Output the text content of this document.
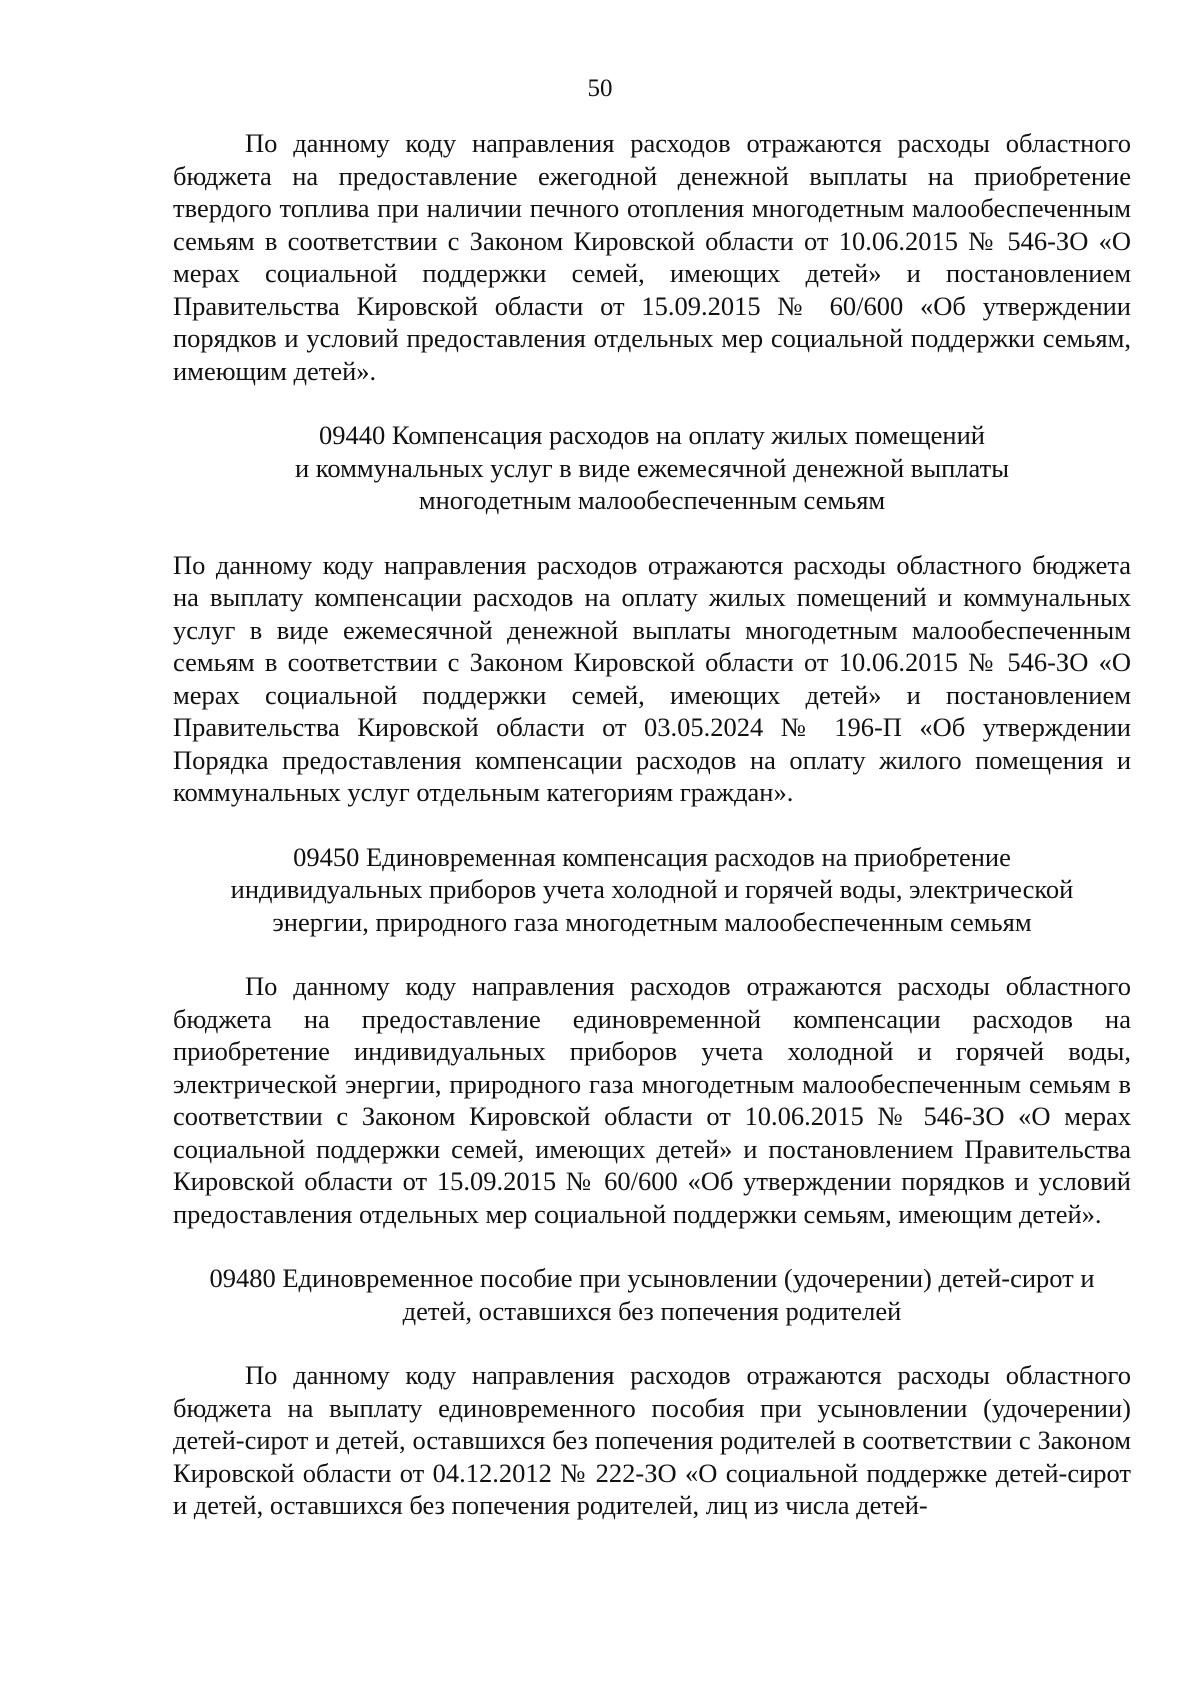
50

По данному коду направления расходов отражаются расходы областного бюджета на предоставление ежегодной денежной выплаты на приобретение твердого топлива при наличии печного отопления многодетным малообеспеченным семьям в соответствии с Законом Кировской области от 10.06.2015 № 546-ЗО «О мерах социальной поддержки семей, имеющих детей» и постановлением Правительства Кировской области от 15.09.2015 № 60/600 «Об утверждении порядков и условий предоставления отдельных мер социальной поддержки семьям, имеющим детей».

09440 Компенсация расходов на оплату жилых помещений
и коммунальных услуг в виде ежемесячной денежной выплаты
многодетным малообеспеченным семьям

По данному коду направления расходов отражаются расходы областного бюджета на выплату компенсации расходов на оплату жилых помещений и коммунальных услуг в виде ежемесячной денежной выплаты многодетным малообеспеченным семьям в соответствии с Законом Кировской области от 10.06.2015 № 546-ЗО «О мерах социальной поддержки семей, имеющих детей» и постановлением Правительства Кировской области от 03.05.2024 № 196-П «Об утверждении Порядка предоставления компенсации расходов на оплату жилого помещения и коммунальных услуг отдельным категориям граждан».

09450 Единовременная компенсация расходов на приобретение
индивидуальных приборов учета холодной и горячей воды, электрической
энергии, природного газа многодетным малообеспеченным семьям

По данному коду направления расходов отражаются расходы областного бюджета на предоставление единовременной компенсации расходов на приобретение индивидуальных приборов учета холодной и горячей воды, электрической энергии, природного газа многодетным малообеспеченным семьям в соответствии с Законом Кировской области от 10.06.2015 № 546-ЗО «О мерах социальной поддержки семей, имеющих детей» и постановлением Правительства Кировской области от 15.09.2015 № 60/600 «Об утверждении порядков и условий предоставления отдельных мер социальной поддержки семьям, имеющим детей».

09480 Единовременное пособие при усыновлении (удочерении) детей-сирот и
детей, оставшихся без попечения родителей

По данному коду направления расходов отражаются расходы областного бюджета на выплату единовременного пособия при усыновлении (удочерении) детей-сирот и детей, оставшихся без попечения родителей в соответствии с Законом Кировской области от 04.12.2012 № 222-ЗО «О социальной поддержке детей-сирот и детей, оставшихся без попечения родителей, лиц из числа детей-
